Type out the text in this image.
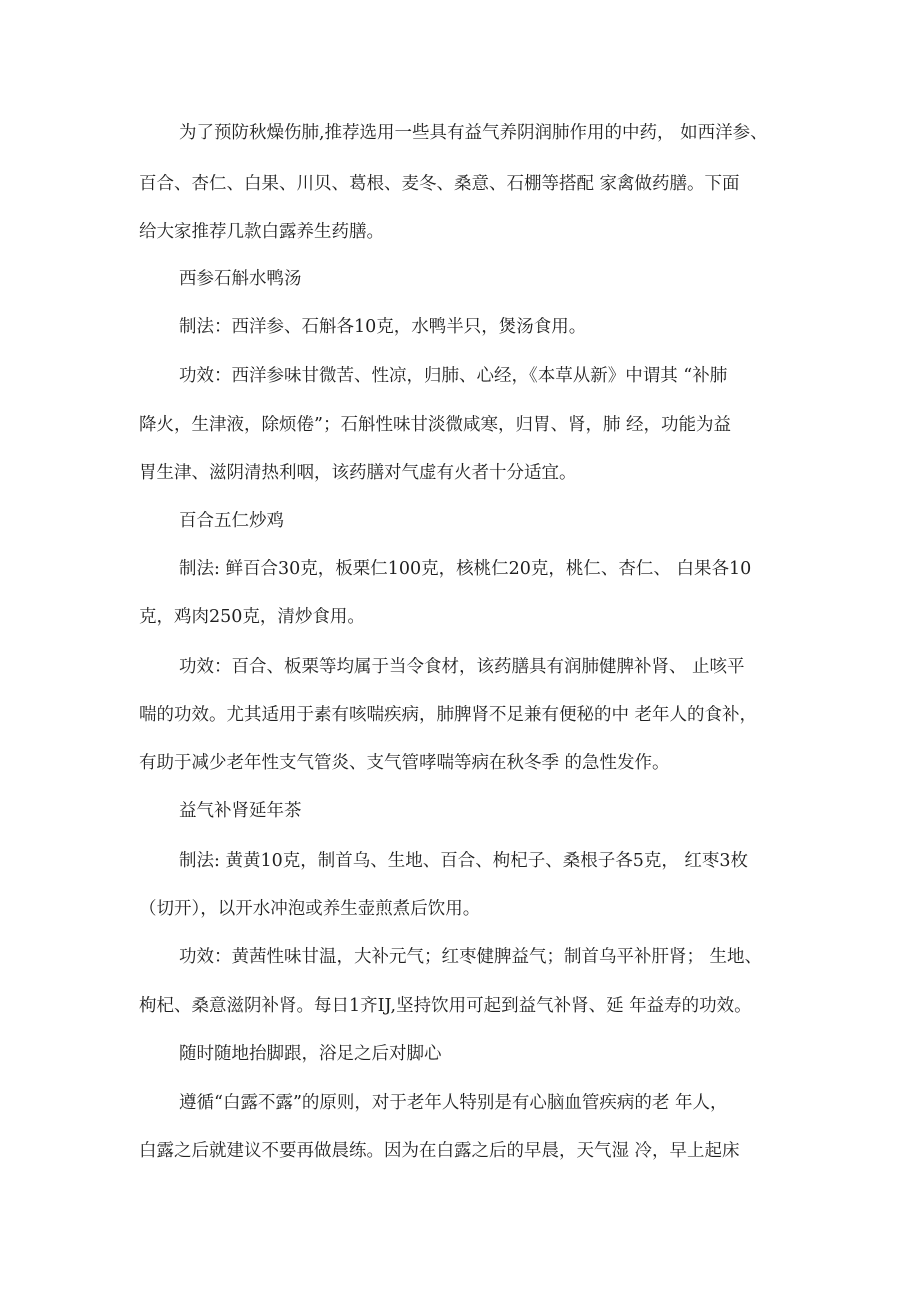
为了预防秋燥伤肺,推荐选用一些具有益气养阴润肺作用的中药， 如西洋参、

百合、杏仁、白果、川贝、葛根、麦冬、桑意、石棚等搭配 家禽做药膳。下面

给大家推荐几款白露养生药膳。

西参石斛水鸭汤

制法：西洋参、石斛各10克，水鸭半只，煲汤食用。

功效：西洋参味甘微苦、性凉，归肺、心经，《本草从新》中谓其 “补肺

降火，生津液，除烦倦”；石斛性味甘淡微咸寒，归胃、肾，肺 经，功能为益

胃生津、滋阴清热利咽，该药膳对气虚有火者十分适宜。

百合五仁炒鸡

制法: 鲜百合30克，板栗仁100克，核桃仁20克，桃仁、杏仁、 白果各10

克，鸡肉250克，清炒食用。

功效：百合、板栗等均属于当令食材，该药膳具有润肺健脾补肾、 止咳平

喘的功效。尤其适用于素有咳喘疾病，肺脾肾不足兼有便秘的中 老年人的食补，

有助于减少老年性支气管炎、支气管哮喘等病在秋冬季 的急性发作。

益气补肾延年茶

制法: 黄黄10克，制首乌、生地、百合、枸杞子、桑根子各5克， 红枣3枚

（切开），以开水冲泡或养生壶煎煮后饮用。

功效：黄茜性味甘温，大补元气；红枣健脾益气；制首乌平补肝肾； 生地、

枸杞、桑意滋阴补肾。每日1齐IJ,坚持饮用可起到益气补肾、延 年益寿的功效。

随时随地抬脚跟，浴足之后对脚心

遵循“白露不露”的原则，对于老年人特别是有心脑血管疾病的老 年人，

白露之后就建议不要再做晨练。因为在白露之后的早晨，天气湿 冷，早上起床
